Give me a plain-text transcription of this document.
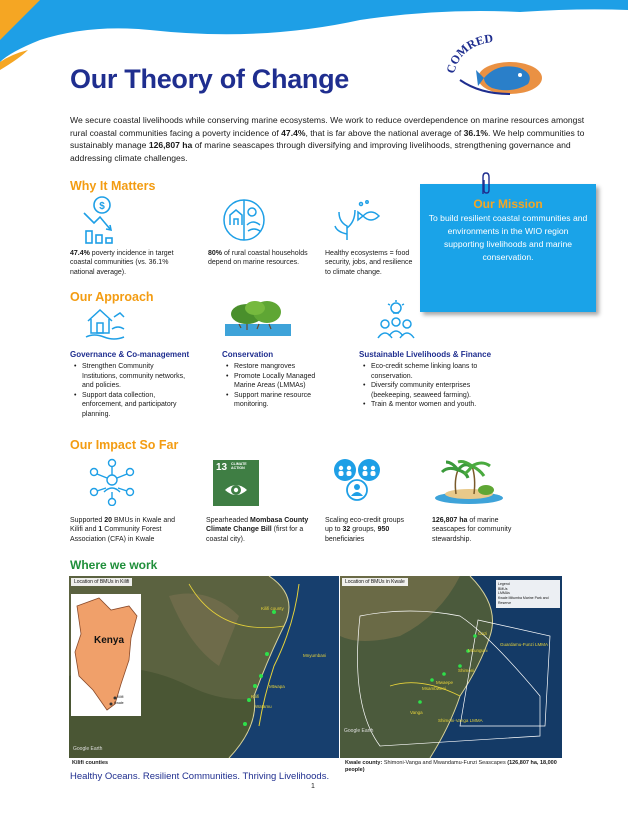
Our Theory of Change	COMRED
We secure coastal livelihoods while conserving marine ecosystems. We work to reduce overdependence on marine resources amongst rural coastal communities facing a poverty incidence of 47.4%, that is far above the national average of 36.1%. We help communities to sustainably manage 126,807 ha of marine seascapes through diversifying and improving livelihoods, strengthening governance and addressing climate challenges.
Why It Matters
$
47.4% poverty incidence in target coastal communities (vs. 36.1% national average).
80% of rural coastal households depend on marine resources.
Healthy ecosystems = food security, jobs, and resilience to climate change.
Our Mission
To build resilient coastal communities and environments in the WIO region supporting livelihoods and marine conservation.
Our Approach
Governance & Co-management
• Strengthen Community Institutions, community networks, and policies.
• Support data collection, enforcement, and participatory planning.
Conservation
• Restore mangroves
• Promote Locally Managed Marine Areas (LMMAs)
• Support marine resource monitoring.
Sustainable Livelihoods & Finance
• Eco-credit scheme linking loans to conservation.
• Diversify community enterprises (beekeeping, seaweed farming).
• Train & mentor women and youth.
Our Impact So Far
Supported 20 BMUs in Kwale and Kilifi and 1 Community Forest Association (CFA) in Kwale
13 CLIMATE ACTION
Spearheaded Mombasa County Climate Change Bill (first for a coastal city).
Scaling eco-credit groups up to 32 groups, 950 beneficiaries
126,807 ha of marine seascapes for community stewardship.
Where we work
Location of BMUs in Kilifi
Kenya
Kilifi
Kwale
Kilifi county
Mnyumbani
Mtwapa
Kilifi
Watamu
Google Earth
Location of BMUs in Kwale	Legend
BMUs
LMMAs
Kwale Mitumba Marine Park and Reserve
Gazi
Mkunguni
Shimoni
Vanga
Msambweni
Mwaepe
Shimoni-Vanga LMMA
Guardamu-Funzi LMMA
Google Earth
Kilifi counties	Kwale county: Shimoni-Vanga and Mwandamu-Funzi Seascapes (126,807 ha, 18,000 people)
Healthy Oceans. Resilient Communities. Thriving Livelihoods.
1
